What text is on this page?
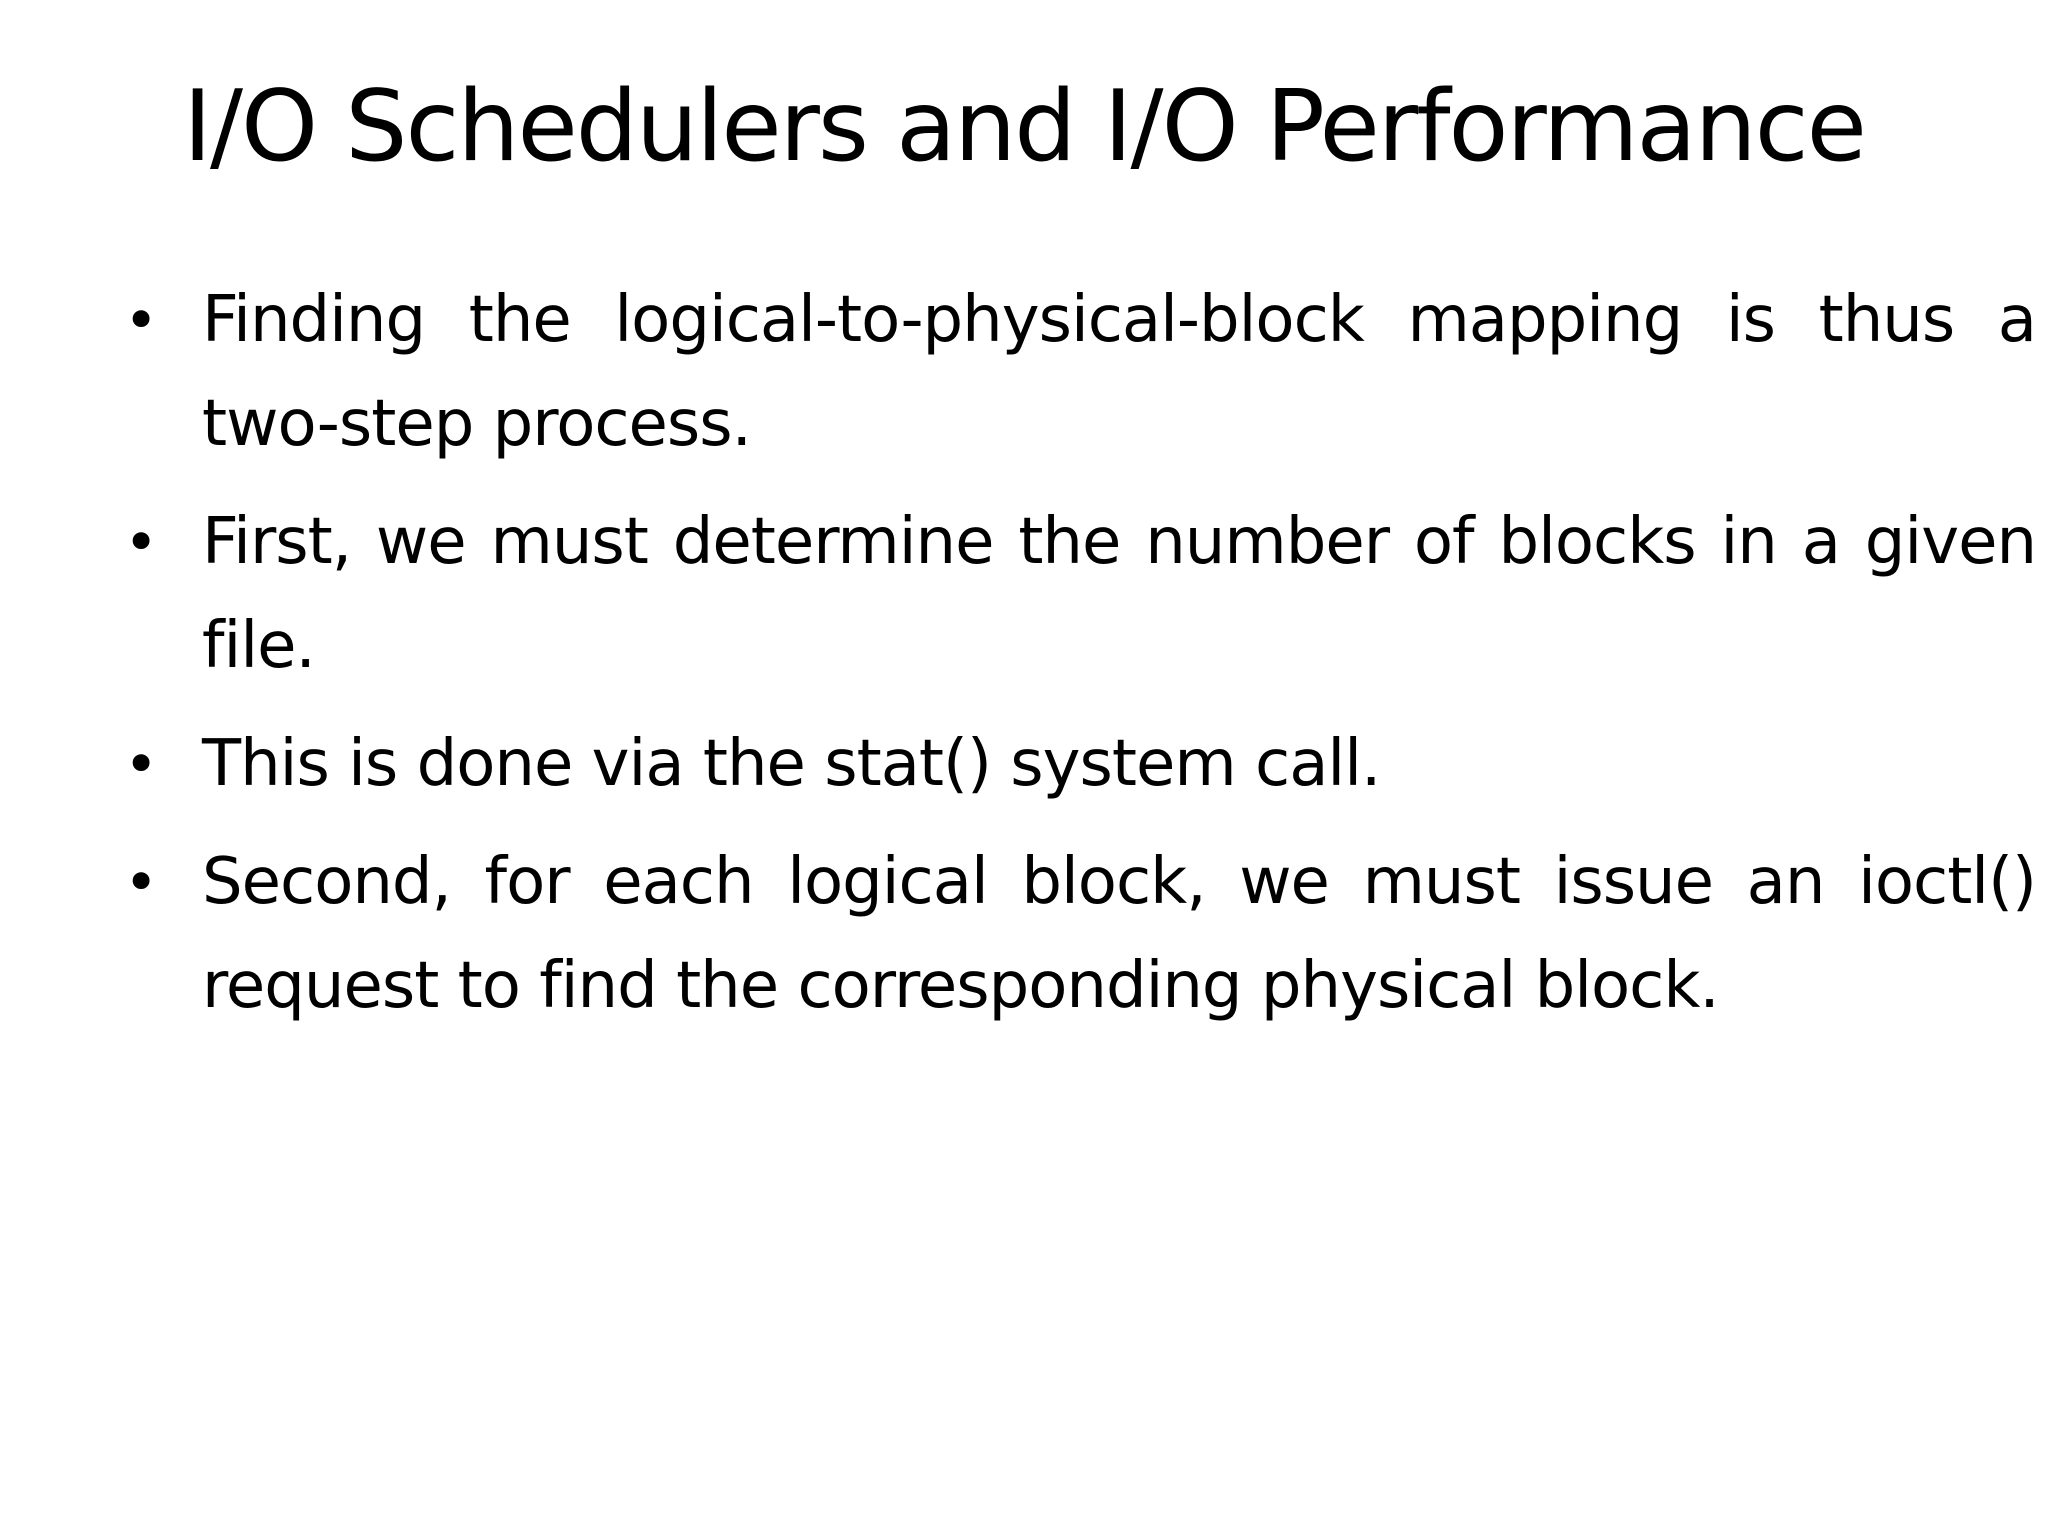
I/O Schedulers and I/O Performance
• Finding the logical-to-physical-block mapping is thus a two-step process.
• First, we must determine the number of blocks in a given file.
• This is done via the stat() system call.
• Second, for each logical block, we must issue an ioctl() request to find the corresponding physical block.
